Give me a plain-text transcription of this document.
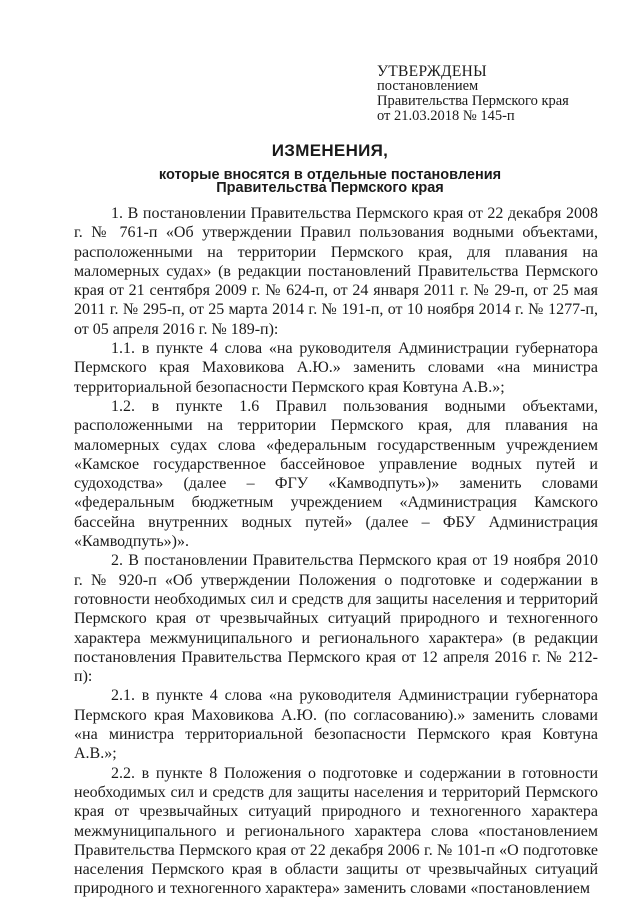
УТВЕРЖДЕНЫ
постановлением
Правительства Пермского края
от 21.03.2018 № 145-п
ИЗМЕНЕНИЯ,
которые вносятся в отдельные постановления
Правительства Пермского края

1. В постановлении Правительства Пермского края от 22 декабря 2008 г. № 761-п «Об утверждении Правил пользования водными объектами, расположенными на территории Пермского края, для плавания на маломерных судах» (в редакции постановлений Правительства Пермского края от 21 сентября 2009 г. № 624-п, от 24 января 2011 г. № 29-п, от 25 мая 2011 г. № 295-п, от 25 марта 2014 г. № 191-п, от 10 ноября 2014 г. № 1277-п, от 05 апреля 2016 г. № 189-п):

1.1. в пункте 4 слова «на руководителя Администрации губернатора Пермского края Маховикова А.Ю.» заменить словами «на министра территориальной безопасности Пермского края Ковтуна А.В.»;

1.2. в пункте 1.6 Правил пользования водными объектами, расположенными на территории Пермского края, для плавания на маломерных судах слова «федеральным государственным учреждением «Камское государственное бассейновое управление водных путей и судоходства» (далее – ФГУ «Камводпуть»)» заменить словами «федеральным бюджетным учреждением «Администрация Камского бассейна внутренних водных путей» (далее – ФБУ Администрация «Камводпуть»)».

2. В постановлении Правительства Пермского края от 19 ноября 2010 г. № 920-п «Об утверждении Положения о подготовке и содержании в готовности необходимых сил и средств для защиты населения и территорий Пермского края от чрезвычайных ситуаций природного и техногенного характера межмуниципального и регионального характера» (в редакции постановления Правительства Пермского края от 12 апреля 2016 г. № 212-п):

2.1. в пункте 4 слова «на руководителя Администрации губернатора Пермского края Маховикова А.Ю. (по согласованию).» заменить словами «на министра территориальной безопасности Пермского края Ковтуна А.В.»;

2.2. в пункте 8 Положения о подготовке и содержании в готовности необходимых сил и средств для защиты населения и территорий Пермского края от чрезвычайных ситуаций природного и техногенного характера межмуниципального и регионального характера слова «постановлением Правительства Пермского края от 22 декабря 2006 г. № 101-п «О подготовке населения Пермского края в области защиты от чрезвычайных ситуаций природного и техногенного характера» заменить словами «постановлением
